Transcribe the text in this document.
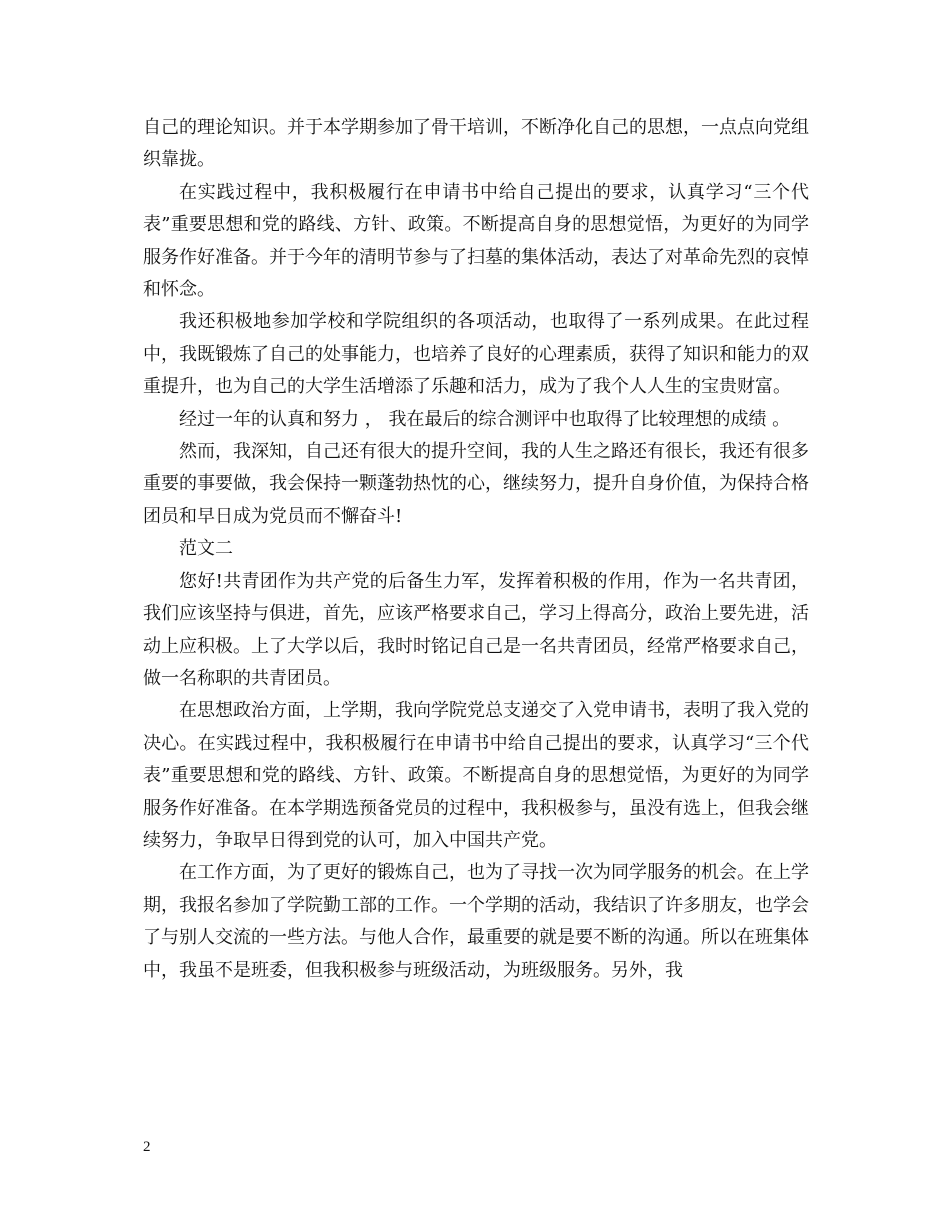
自己的理论知识。并于本学期参加了骨干培训，不断净化自己的思想，一点点向党组织靠拢。

在实践过程中，我积极履行在申请书中给自己提出的要求，认真学习“三个代表”重要思想和党的路线、方针、政策。不断提高自身的思想觉悟，为更好的为同学服务作好准备。并于今年的清明节参与了扫墓的集体活动，表达了对革命先烈的哀悼和怀念。

我还积极地参加学校和学院组织的各项活动，也取得了一系列成果。在此过程中，我既锻炼了自己的处事能力，也培养了良好的心理素质，获得了知识和能力的双重提升，也为自己的大学生活增添了乐趣和活力，成为了我个人人生的宝贵财富。

经过一年的认真和努力 ， 我在最后的综合测评中也取得了比较理想的成绩 。

然而，我深知，自己还有很大的提升空间，我的人生之路还有很长，我还有很多重要的事要做，我会保持一颗蓬勃热忱的心，继续努力，提升自身价值，为保持合格团员和早日成为党员而不懈奋斗!

范文二

您好!共青团作为共产党的后备生力军，发挥着积极的作用，作为一名共青团，我们应该坚持与俱进，首先，应该严格要求自己，学习上得高分，政治上要先进，活动上应积极。上了大学以后，我时时铭记自己是一名共青团员，经常严格要求自己，做一名称职的共青团员。

在思想政治方面，上学期，我向学院党总支递交了入党申请书，表明了我入党的决心。在实践过程中，我积极履行在申请书中给自己提出的要求，认真学习“三个代表”重要思想和党的路线、方针、政策。不断提高自身的思想觉悟，为更好的为同学服务作好准备。在本学期选预备党员的过程中，我积极参与，虽没有选上，但我会继续努力，争取早日得到党的认可，加入中国共产党。

在工作方面，为了更好的锻炼自己，也为了寻找一次为同学服务的机会。在上学期，我报名参加了学院勤工部的工作。一个学期的活动，我结识了许多朋友，也学会了与别人交流的一些方法。与他人合作，最重要的就是要不断的沟通。所以在班集体中，我虽不是班委，但我积极参与班级活动，为班级服务。另外，我

2
